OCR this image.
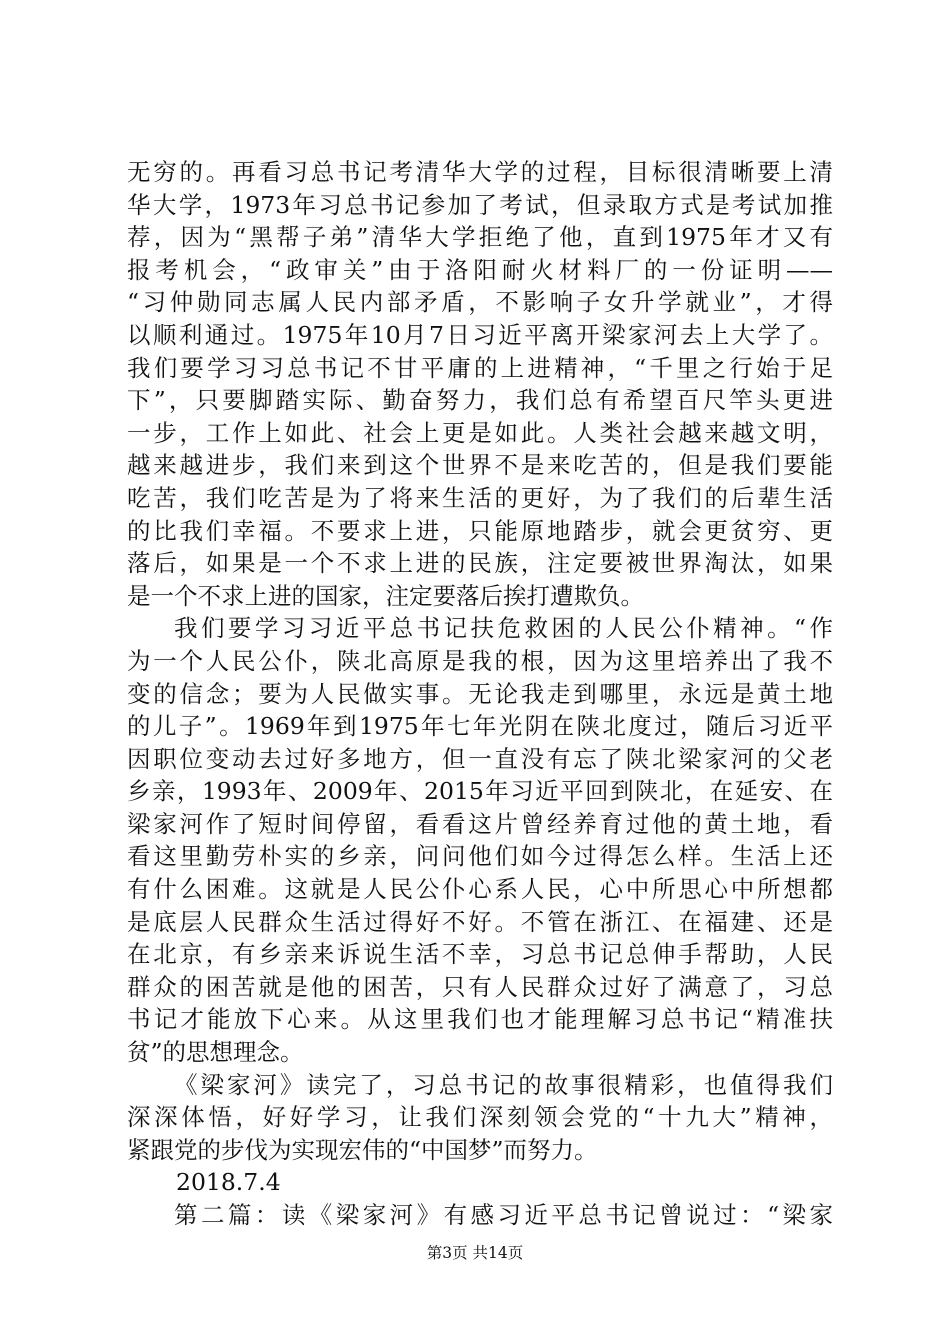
无穷的。再看习总书记考清华大学的过程，目标很清晰要上清
华大学，1973年习总书记参加了考试，但录取方式是考试加推
荐，因为“黑帮子弟”清华大学拒绝了他，直到1975年才又有
报考机会，“政审关”由于洛阳耐火材料厂的一份证明——
“习仲勋同志属人民内部矛盾，不影响子女升学就业”，才得
以顺利通过。1975年10月7日习近平离开梁家河去上大学了。
我们要学习习总书记不甘平庸的上进精神，“千里之行始于足
下”，只要脚踏实际、勤奋努力，我们总有希望百尺竿头更进
一步，工作上如此、社会上更是如此。人类社会越来越文明，
越来越进步，我们来到这个世界不是来吃苦的，但是我们要能
吃苦，我们吃苦是为了将来生活的更好，为了我们的后辈生活
的比我们幸福。不要求上进，只能原地踏步，就会更贫穷、更
落后，如果是一个不求上进的民族，注定要被世界淘汰，如果
是一个不求上进的国家，注定要落后挨打遭欺负。
我们要学习习近平总书记扶危救困的人民公仆精神。“作
为一个人民公仆，陕北高原是我的根，因为这里培养出了我不
变的信念；要为人民做实事。无论我走到哪里，永远是黄土地
的儿子”。1969年到1975年七年光阴在陕北度过，随后习近平
因职位变动去过好多地方，但一直没有忘了陕北梁家河的父老
乡亲，1993年、2009年、2015年习近平回到陕北，在延安、在
梁家河作了短时间停留，看看这片曾经养育过他的黄土地，看
看这里勤劳朴实的乡亲，问问他们如今过得怎么样。生活上还
有什么困难。这就是人民公仆心系人民，心中所思心中所想都
是底层人民群众生活过得好不好。不管在浙江、在福建、还是
在北京，有乡亲来诉说生活不幸，习总书记总伸手帮助，人民
群众的困苦就是他的困苦，只有人民群众过好了满意了，习总
书记才能放下心来。从这里我们也才能理解习总书记“精准扶
贫”的思想理念。
《梁家河》读完了，习总书记的故事很精彩，也值得我们
深深体悟，好好学习，让我们深刻领会党的“十九大”精神，
紧跟党的步伐为实现宏伟的“中国梦”而努力。
2018.7.4
第二篇：读《梁家河》有感习近平总书记曾说过：“梁家
第3页 共14页
